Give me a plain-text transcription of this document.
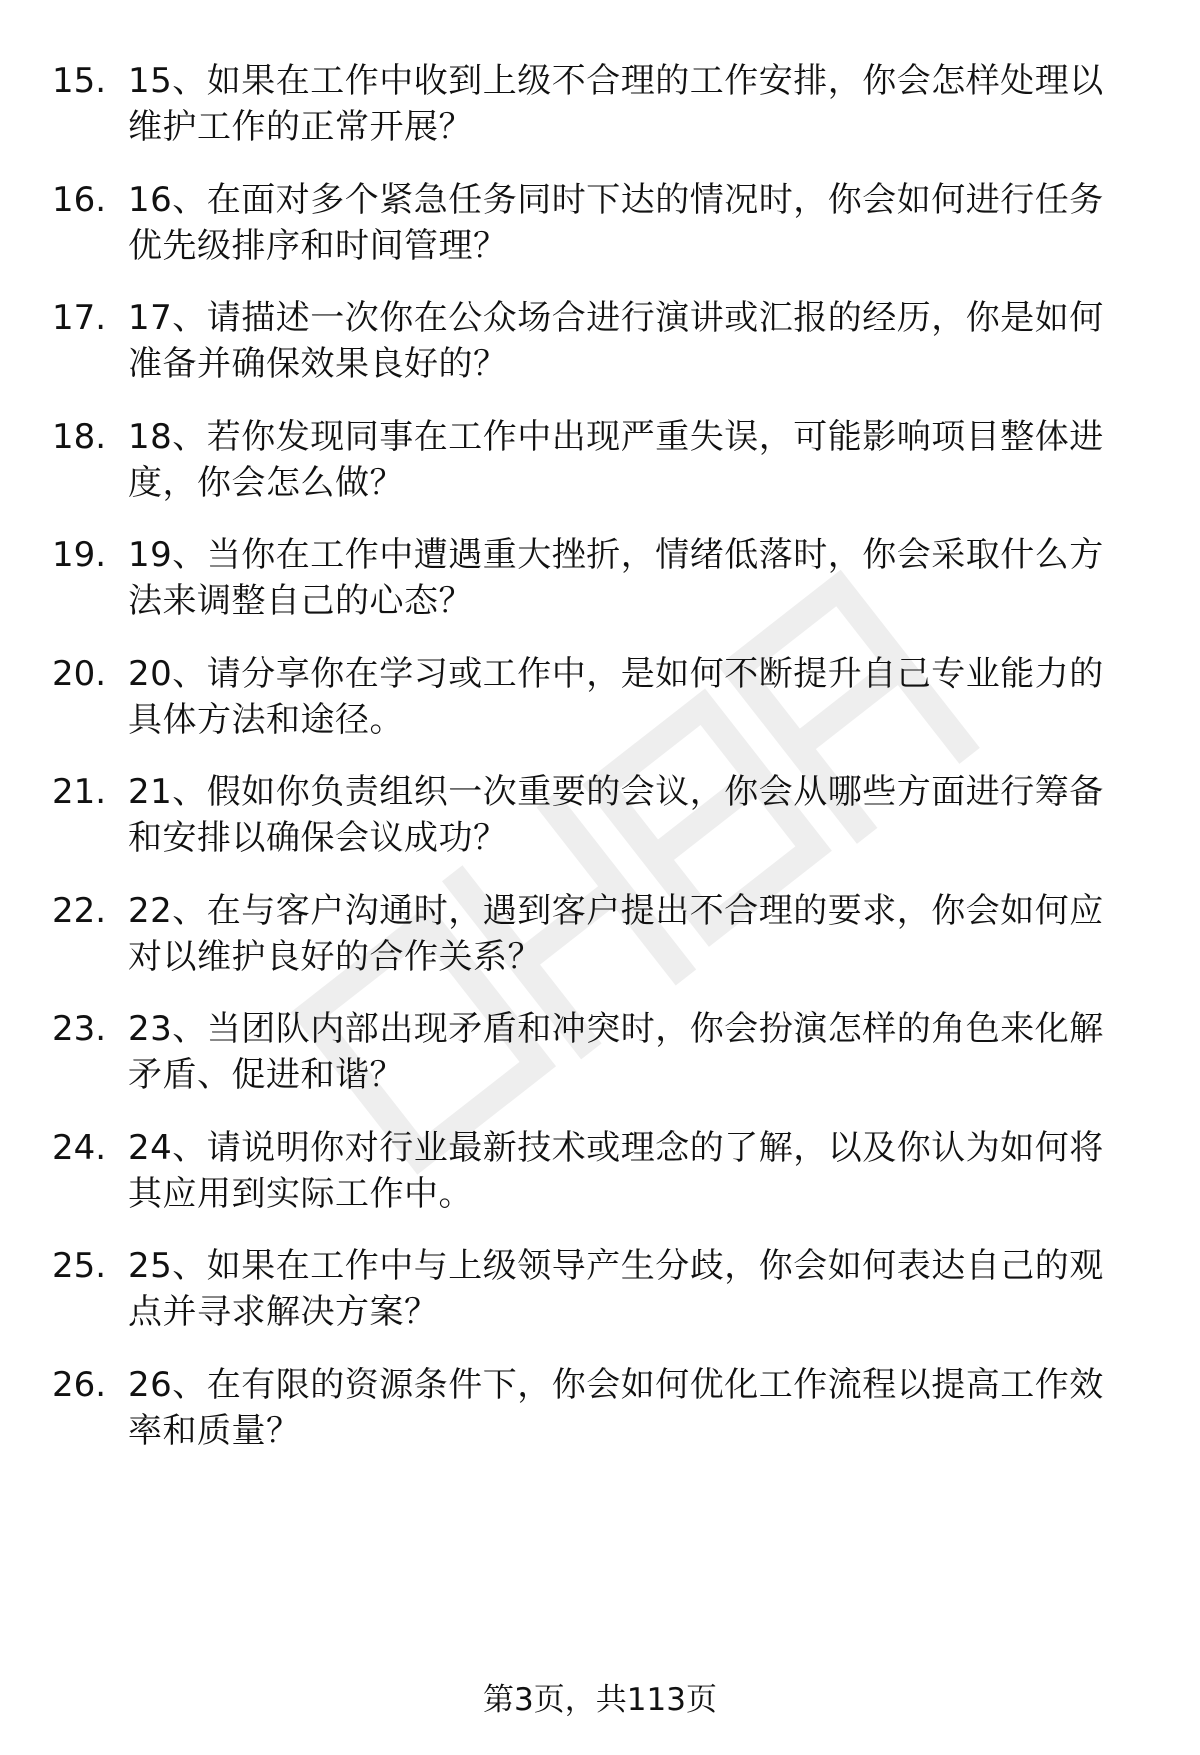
15. 15、如果在工作中收到上级不合理的工作安排，你会怎样处理以
维护工作的正常开展？
16. 16、在面对多个紧急任务同时下达的情况时，你会如何进行任务
优先级排序和时间管理？
17. 17、请描述一次你在公众场合进行演讲或汇报的经历，你是如何
准备并确保效果良好的？
18. 18、若你发现同事在工作中出现严重失误，可能影响项目整体进
度，你会怎么做？
19. 19、当你在工作中遭遇重大挫折，情绪低落时，你会采取什么方
法来调整自己的心态？
20. 20、请分享你在学习或工作中，是如何不断提升自己专业能力的
具体方法和途径。
21. 21、假如你负责组织一次重要的会议，你会从哪些方面进行筹备
和安排以确保会议成功？
22. 22、在与客户沟通时，遇到客户提出不合理的要求，你会如何应
对以维护良好的合作关系？
23. 23、当团队内部出现矛盾和冲突时，你会扮演怎样的角色来化解
矛盾、促进和谐？
24. 24、请说明你对行业最新技术或理念的了解，以及你认为如何将
其应用到实际工作中。
25. 25、如果在工作中与上级领导产生分歧，你会如何表达自己的观
点并寻求解决方案？
26. 26、在有限的资源条件下，你会如何优化工作流程以提高工作效
率和质量？
第3页，共113页
